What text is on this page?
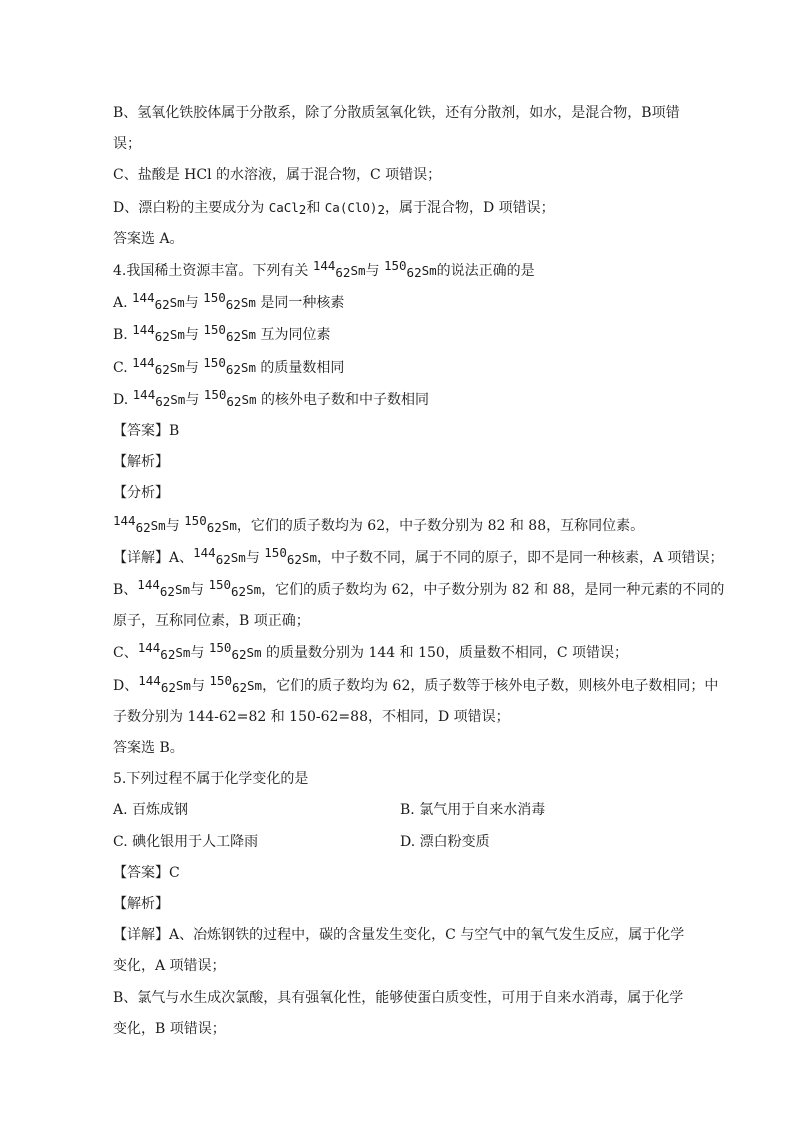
B、氢氧化铁胶体属于分散系，除了分散质氢氧化铁，还有分散剂，如水，是混合物，B项错
误；
C、盐酸是 HCl 的水溶液，属于混合物，C 项错误；
D、漂白粉的主要成分为 CaCl$_2$和 $Ca(ClO)_2$，属于混合物，D 项错误；
答案选 A。
4.我国稀土资源丰富。下列有关 $^{144}_{62}$Sm与 $^{150}_{62}$Sm的说法正确的是
A. $^{144}_{62}$Sm与 $^{150}_{62}$Sm 是同一种核素
B. $^{144}_{62}$Sm与 $^{150}_{62}$Sm 互为同位素
C. $^{144}_{62}$Sm与 $^{150}_{62}$Sm 的质量数相同
D. $^{144}_{62}$Sm与 $^{150}_{62}$Sm 的核外电子数和中子数相同
【答案】B
【解析】
【分析】
$^{144}_{62}$Sm与 $^{150}_{62}$Sm，它们的质子数均为 62，中子数分别为 82 和 88，互称同位素。
【详解】A、$^{144}_{62}$Sm与 $^{150}_{62}$Sm，中子数不同，属于不同的原子，即不是同一种核素，A 项错误；
B、$^{144}_{62}$Sm与 $^{150}_{62}$Sm，它们的质子数均为 62，中子数分别为 82 和 88，是同一种元素的不同的
原子，互称同位素，B 项正确；
C、$^{144}_{62}$Sm与 $^{150}_{62}$Sm 的质量数分别为 144 和 150，质量数不相同，C 项错误；
D、$^{144}_{62}$Sm与 $^{150}_{62}$Sm，它们的质子数均为 62，质子数等于核外电子数，则核外电子数相同；中
子数分别为 144-62=82 和 150-62=88，不相同，D 项错误；
答案选 B。
5.下列过程不属于化学变化的是
A. 百炼成钢	B. 氯气用于自来水消毒
C. 碘化银用于人工降雨	D. 漂白粉变质
【答案】C
【解析】
【详解】A、冶炼钢铁的过程中，碳的含量发生变化，C 与空气中的氧气发生反应，属于化学
变化，A 项错误；
B、氯气与水生成次氯酸，具有强氧化性，能够使蛋白质变性，可用于自来水消毒，属于化学
变化，B 项错误；
